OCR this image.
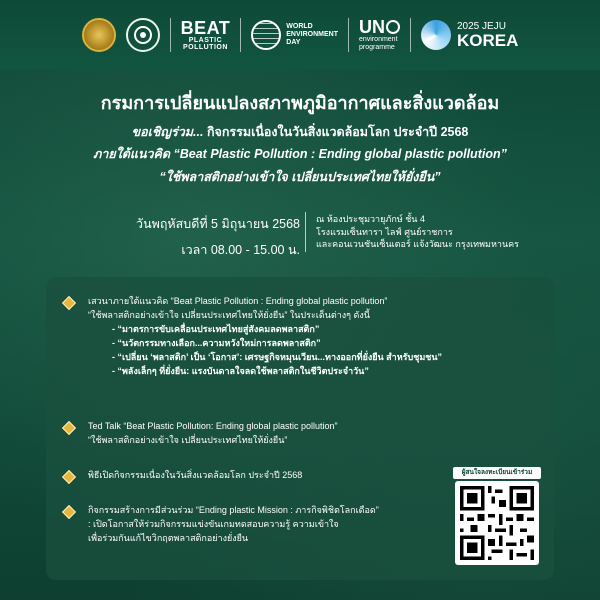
BEAT
PLASTIC
POLLUTION
WORLD
ENVIRONMENT
DAY
UN
environment
programme
2025 JEJU
KOREA
กรมการเปลี่ยนแปลงสภาพภูมิอากาศและสิ่งแวดล้อม
ขอเชิญร่วม... กิจกรรมเนื่องในวันสิ่งแวดล้อมโลก ประจำปี 2568
ภายใต้แนวคิด “Beat Plastic Pollution : Ending global plastic pollution”
“ใช้พลาสติกอย่างเข้าใจ เปลี่ยนประเทศไทยให้ยั่งยืน”
วันพฤหัสบดีที่ 5 มิถุนายน 2568
เวลา 08.00 - 15.00 น.
ณ ห้องประชุมวายุภักษ์ ชั้น 4
โรงแรมเซ็นทารา ไลฟ์ ศูนย์ราชการ
และคอนเวนชันเซ็นเตอร์ แจ้งวัฒนะ กรุงเทพมหานคร
เสวนาภายใต้แนวคิด “Beat Plastic Pollution : Ending global plastic pollution”
“ใช้พลาสติกอย่างเข้าใจ เปลี่ยนประเทศไทยให้ยั่งยืน” ในประเด็นต่างๆ ดังนี้
- “มาตรการขับเคลื่อนประเทศไทยสู่สังคมลดพลาสติก”
- “นวัตกรรมทางเลือก...ความหวังใหม่การลดพลาสติก”
- “เปลี่ยน ‘พลาสติก’ เป็น ‘โอกาส’: เศรษฐกิจหมุนเวียน...ทางออกที่ยั่งยืน สำหรับชุมชน”
- “พลังเล็กๆ ที่ยั่งยืน: แรงบันดาลใจลดใช้พลาสติกในชีวิตประจำวัน”
Ted Talk “Beat Plastic Pollution: Ending global plastic pollution”
“ใช้พลาสติกอย่างเข้าใจ เปลี่ยนประเทศไทยให้ยั่งยืน”
พิธีเปิดกิจกรรมเนื่องในวันสิ่งแวดล้อมโลก ประจำปี 2568
กิจกรรมสร้างการมีส่วนร่วม “Ending plastic Mission : ภารกิจพิชิตโลกเดือด”
: เปิดโอกาสให้ร่วมกิจกรรมแข่งขันเกมทดสอบความรู้ ความเข้าใจ
เพื่อร่วมกันแก้ไขวิกฤตพลาสติกอย่างยั่งยืน
ผู้สนใจลงทะเบียนเข้าร่วม
